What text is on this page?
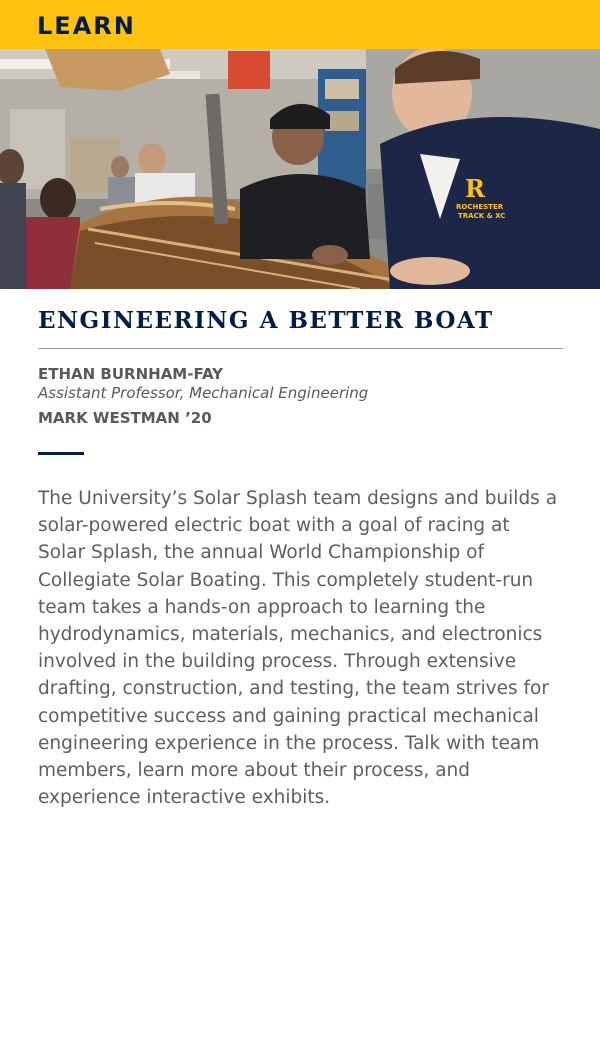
LEARN
R
ROCHESTER
TRACK & XC
ENGINEERING A BETTER BOAT
ETHAN BURNHAM-FAY
Assistant Professor, Mechanical Engineering
MARK WESTMAN ’20

The University’s Solar Splash team designs and builds a solar-powered electric boat with a goal of racing at Solar Splash, the annual World Championship of Collegiate Solar Boating. This completely student-run team takes a hands-on approach to learning the hydrodynamics, materials, mechanics, and electronics involved in the building process. Through extensive drafting, construction, and testing, the team strives for competitive success and gaining practical mechanical engineering experience in the process. Talk with team members, learn more about their process, and experience interactive exhibits.
